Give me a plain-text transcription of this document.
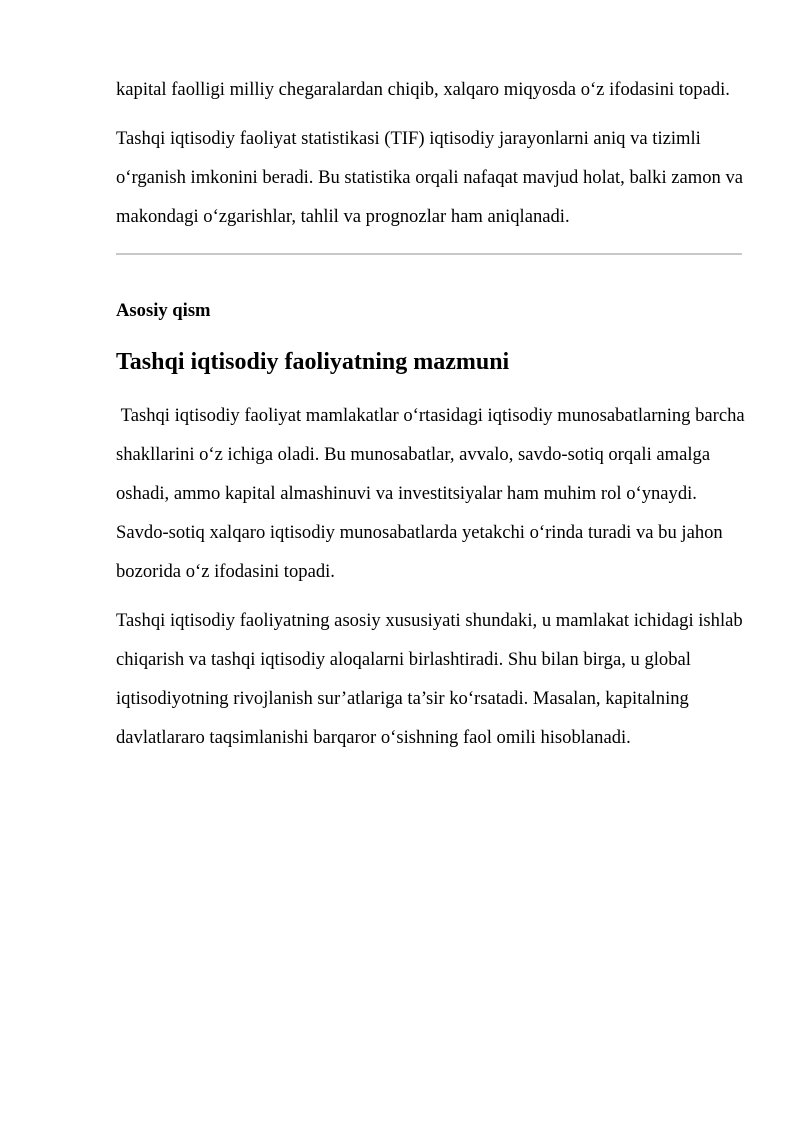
kapital faolligi milliy chegaralardan chiqib, xalqaro miqyosda o‘z ifodasini topadi.

Tashqi iqtisodiy faoliyat statistikasi (TIF) iqtisodiy jarayonlarni aniq va tizimli o‘rganish imkonini beradi. Bu statistika orqali nafaqat mavjud holat, balki zamon va makondagi o‘zgarishlar, tahlil va prognozlar ham aniqlanadi.

Asosiy qism
Tashqi iqtisodiy faoliyatning mazmuni

Tashqi iqtisodiy faoliyat mamlakatlar o‘rtasidagi iqtisodiy munosabatlarning barcha shakllarini o‘z ichiga oladi. Bu munosabatlar, avvalo, savdo-sotiq orqali amalga oshadi, ammo kapital almashinuvi va investitsiyalar ham muhim rol o‘ynaydi. Savdo-sotiq xalqaro iqtisodiy munosabatlarda yetakchi o‘rinda turadi va bu jahon bozorida o‘z ifodasini topadi.

Tashqi iqtisodiy faoliyatning asosiy xususiyati shundaki, u mamlakat ichidagi ishlab chiqarish va tashqi iqtisodiy aloqalarni birlashtiradi. Shu bilan birga, u global iqtisodiyotning rivojlanish sur’atlariga ta’sir ko‘rsatadi. Masalan, kapitalning davlatlararo taqsimlanishi barqaror o‘sishning faol omili hisoblanadi.
